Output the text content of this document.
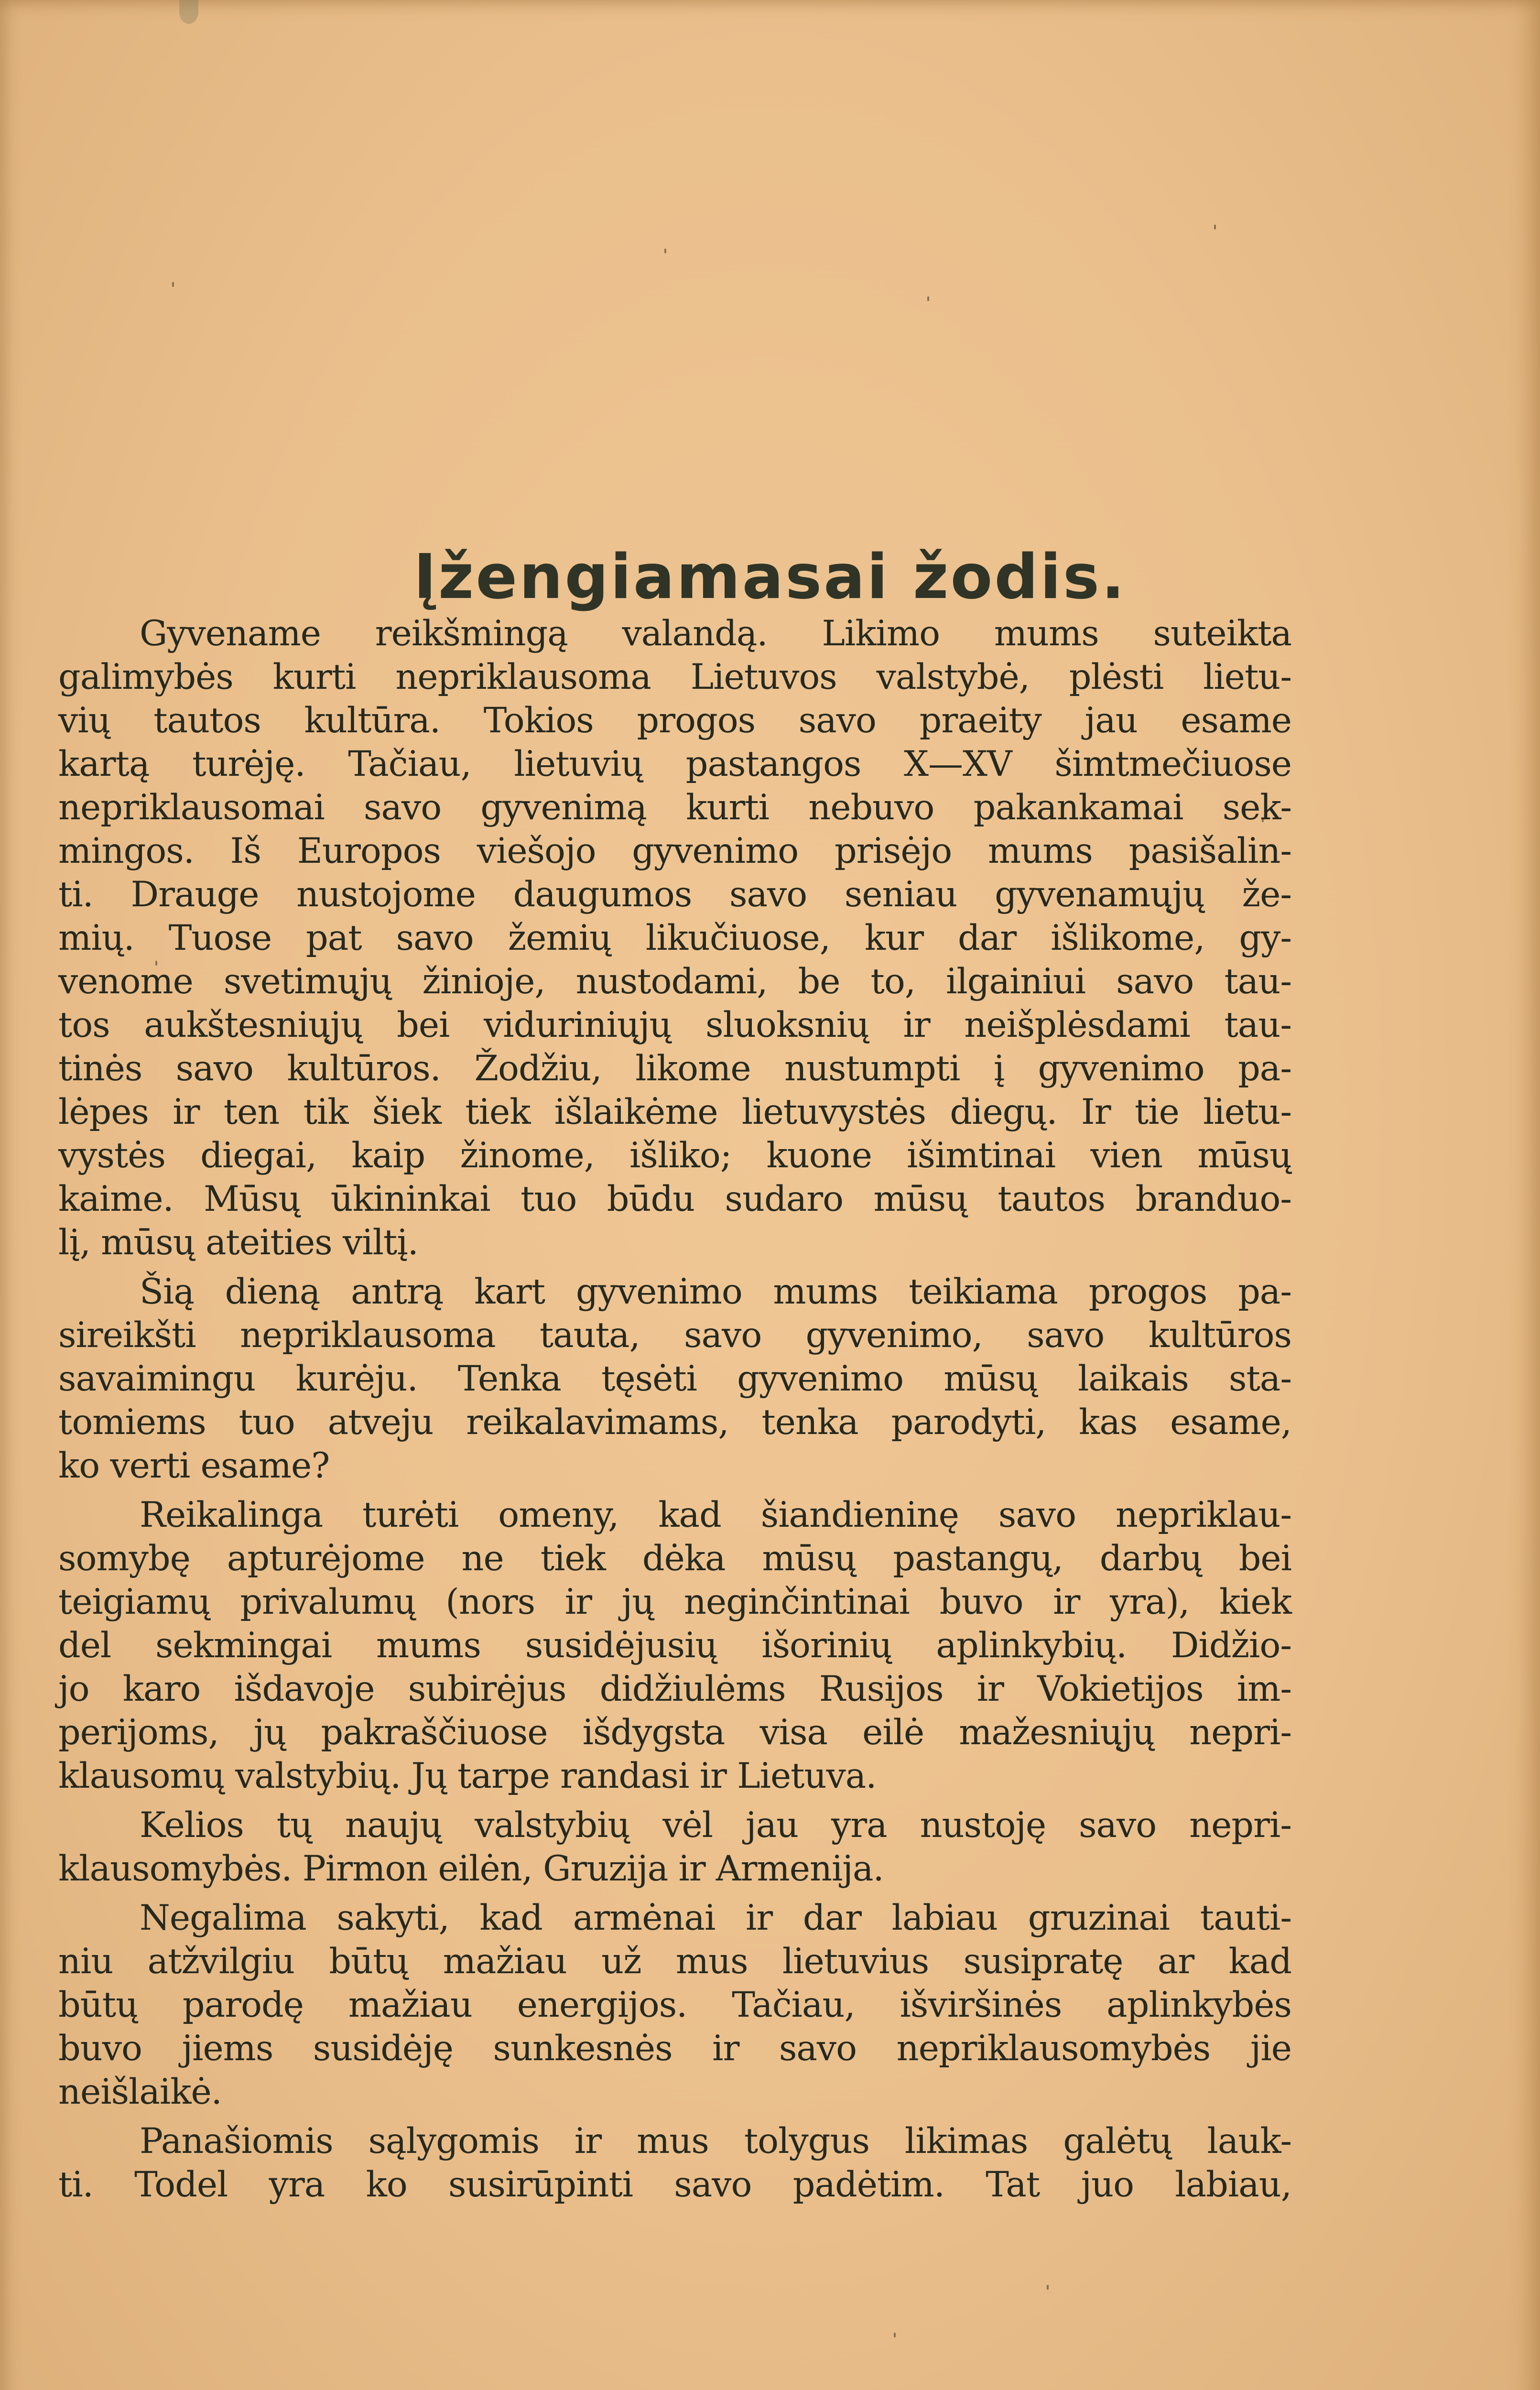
Įžengiamasai žodis.
Gyvename reikšmingą valandą. Likimo mums suteikta
galimybės kurti nepriklausoma Lietuvos valstybė, plėsti lietu-
vių tautos kultūra. Tokios progos savo praeity jau esame
kartą turėję. Tačiau, lietuvių pastangos X—XV šimtmečiuose
nepriklausomai savo gyvenimą kurti nebuvo pakankamai sek-
mingos. Iš Europos viešojo gyvenimo prisėjo mums pasišalin-
ti. Drauge nustojome daugumos savo seniau gyvenamųjų že-
mių. Tuose pat savo žemių likučiuose, kur dar išlikome, gy-
venome svetimųjų žinioje, nustodami, be to, ilgainiui savo tau-
tos aukštesniųjų bei viduriniųjų sluoksnių ir neišplėsdami tau-
tinės savo kultūros. Žodžiu, likome nustumpti į gyvenimo pa-
lėpes ir ten tik šiek tiek išlaikėme lietuvystės diegų. Ir tie lietu-
vystės diegai, kaip žinome, išliko; kuone išimtinai vien mūsų
kaime. Mūsų ūkininkai tuo būdu sudaro mūsų tautos branduo-
lį, mūsų ateities viltį.
Šią dieną antrą kart gyvenimo mums teikiama progos pa-
sireikšti nepriklausoma tauta, savo gyvenimo, savo kultūros
savaimingu kurėju. Tenka tęsėti gyvenimo mūsų laikais sta-
tomiems tuo atveju reikalavimams, tenka parodyti, kas esame,
ko verti esame?
Reikalinga turėti omeny, kad šiandieninę savo nepriklau-
somybę apturėjome ne tiek dėka mūsų pastangų, darbų bei
teigiamų privalumų (nors ir jų neginčintinai buvo ir yra), kiek
del sekmingai mums susidėjusių išorinių aplinkybių. Didžio-
jo karo išdavoje subirėjus didžiulėms Rusijos ir Vokietijos im-
perijoms, jų pakraščiuose išdygsta visa eilė mažesniųjų nepri-
klausomų valstybių. Jų tarpe randasi ir Lietuva.
Kelios tų naujų valstybių vėl jau yra nustoję savo nepri-
klausomybės. Pirmon eilėn, Gruzija ir Armenija.
Negalima sakyti, kad armėnai ir dar labiau gruzinai tauti-
niu atžvilgiu būtų mažiau už mus lietuvius susipratę ar kad
būtų parodę mažiau energijos. Tačiau, išviršinės aplinkybės
buvo jiems susidėję sunkesnės ir savo nepriklausomybės jie
neišlaikė.
Panašiomis sąlygomis ir mus tolygus likimas galėtų lauk-
ti. Todel yra ko susirūpinti savo padėtim. Tat juo labiau,
